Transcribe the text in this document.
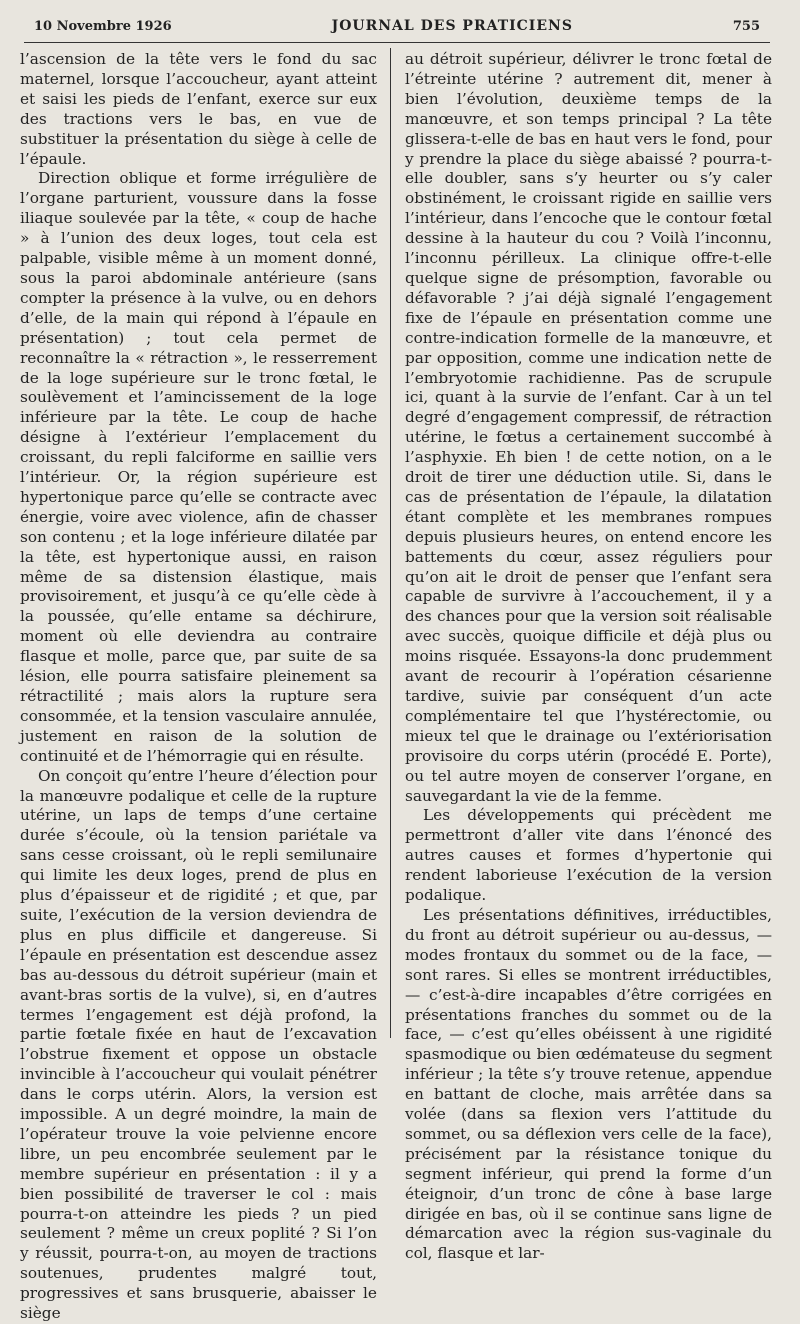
10 Novembre 1926	JOURNAL DES PRATICIENS	755

l’ascension de la tête vers le fond du sac maternel, lorsque l’accoucheur, ayant atteint et saisi les pieds de l’enfant, exerce sur eux des tractions vers le bas, en vue de substituer la présentation du siège à celle de l’épaule.

Direction oblique et forme irrégulière de l’organe parturient, voussure dans la fosse iliaque soulevée par la tête, « coup de hache » à l’union des deux loges, tout cela est palpable, visible même à un moment donné, sous la paroi abdominale antérieure (sans compter la présence à la vulve, ou en dehors d’elle, de la main qui répond à l’épaule en présentation) ; tout cela permet de reconnaître la « rétraction », le resserrement de la loge supérieure sur le tronc fœtal, le soulèvement et l’amincissement de la loge inférieure par la tête. Le coup de hache désigne à l’extérieur l’emplacement du croissant, du repli falciforme en saillie vers l’intérieur. Or, la région supérieure est hypertonique parce qu’elle se contracte avec énergie, voire avec violence, afin de chasser son contenu ; et la loge inférieure dilatée par la tête, est hypertonique aussi, en raison même de sa distension élastique, mais provisoirement, et jusqu’à ce qu’elle cède à la poussée, qu’elle entame sa déchirure, moment où elle deviendra au contraire flasque et molle, parce que, par suite de sa lésion, elle pourra satisfaire pleinement sa rétractilité ; mais alors la rupture sera consommée, et la tension vasculaire annulée, justement en raison de la solution de continuité et de l’hémorragie qui en résulte.

On conçoit qu’entre l’heure d’élection pour la manœuvre podalique et celle de la rupture utérine, un laps de temps d’une certaine durée s’écoule, où la tension pariétale va sans cesse croissant, où le repli semilunaire qui limite les deux loges, prend de plus en plus d’épaisseur et de rigidité ; et que, par suite, l’exécution de la version deviendra de plus en plus difficile et dangereuse. Si l’épaule en présentation est descendue assez bas au-dessous du détroit supérieur (main et avant-bras sortis de la vulve), si, en d’autres termes l’engagement est déjà profond, la partie fœtale fixée en haut de l’excavation l’obstrue fixement et oppose un obstacle invincible à l’accoucheur qui voulait pénétrer dans le corps utérin. Alors, la version est impossible. A un degré moindre, la main de l’opérateur trouve la voie pelvienne encore libre, un peu encombrée seulement par le membre supérieur en présentation : il y a bien possibilité de traverser le col : mais pourra-t-on atteindre les pieds ? un pied seulement ? même un creux poplité ? Si l’on y réussit, pourra-t-on, au moyen de tractions soutenues, prudentes malgré tout, progressives et sans brusquerie, abaisser le siège

au détroit supérieur, délivrer le tronc fœtal de l’étreinte utérine ? autrement dit, mener à bien l’évolution, deuxième temps de la manœuvre, et son temps principal ? La tête glissera-t-elle de bas en haut vers le fond, pour y prendre la place du siège abaissé ? pourra-t-elle doubler, sans s’y heurter ou s’y caler obstinément, le croissant rigide en saillie vers l’intérieur, dans l’encoche que le contour fœtal dessine à la hauteur du cou ? Voilà l’inconnu, l’inconnu périlleux. La clinique offre-t-elle quelque signe de présomption, favorable ou défavorable ? j’ai déjà signalé l’engagement fixe de l’épaule en présentation comme une contre-indication formelle de la manœuvre, et par opposition, comme une indication nette de l’embryotomie rachidienne. Pas de scrupule ici, quant à la survie de l’enfant. Car à un tel degré d’engagement compressif, de rétraction utérine, le fœtus a certainement succombé à l’asphyxie. Eh bien ! de cette notion, on a le droit de tirer une déduction utile. Si, dans le cas de présentation de l’épaule, la dilatation étant complète et les membranes rompues depuis plusieurs heures, on entend encore les battements du cœur, assez réguliers pour qu’on ait le droit de penser que l’enfant sera capable de survivre à l’accouchement, il y a des chances pour que la version soit réalisable avec succès, quoique difficile et déjà plus ou moins risquée. Essayons-la donc prudemment avant de recourir à l’opération césarienne tardive, suivie par conséquent d’un acte complémentaire tel que l’hystérectomie, ou mieux tel que le drainage ou l’extériorisation provisoire du corps utérin (procédé E. Porte), ou tel autre moyen de conserver l’organe, en sauvegardant la vie de la femme.

Les développements qui précèdent me permettront d’aller vite dans l’énoncé des autres causes et formes d’hypertonie qui rendent laborieuse l’exécution de la version podalique.

Les présentations définitives, irréductibles, du front au détroit supérieur ou au-dessus, — modes frontaux du sommet ou de la face, — sont rares. Si elles se montrent irréductibles, — c’est-à-dire incapables d’être corrigées en présentations franches du sommet ou de la face, — c’est qu’elles obéissent à une rigidité spasmodique ou bien œdémateuse du segment inférieur ; la tête s’y trouve retenue, appendue en battant de cloche, mais arrêtée dans sa volée (dans sa flexion vers l’attitude du sommet, ou sa déflexion vers celle de la face), précisément par la résistance tonique du segment inférieur, qui prend la forme d’un éteignoir, d’un tronc de cône à base large dirigée en bas, où il se continue sans ligne de démarcation avec la région sus-vaginale du col, flasque et lar-
